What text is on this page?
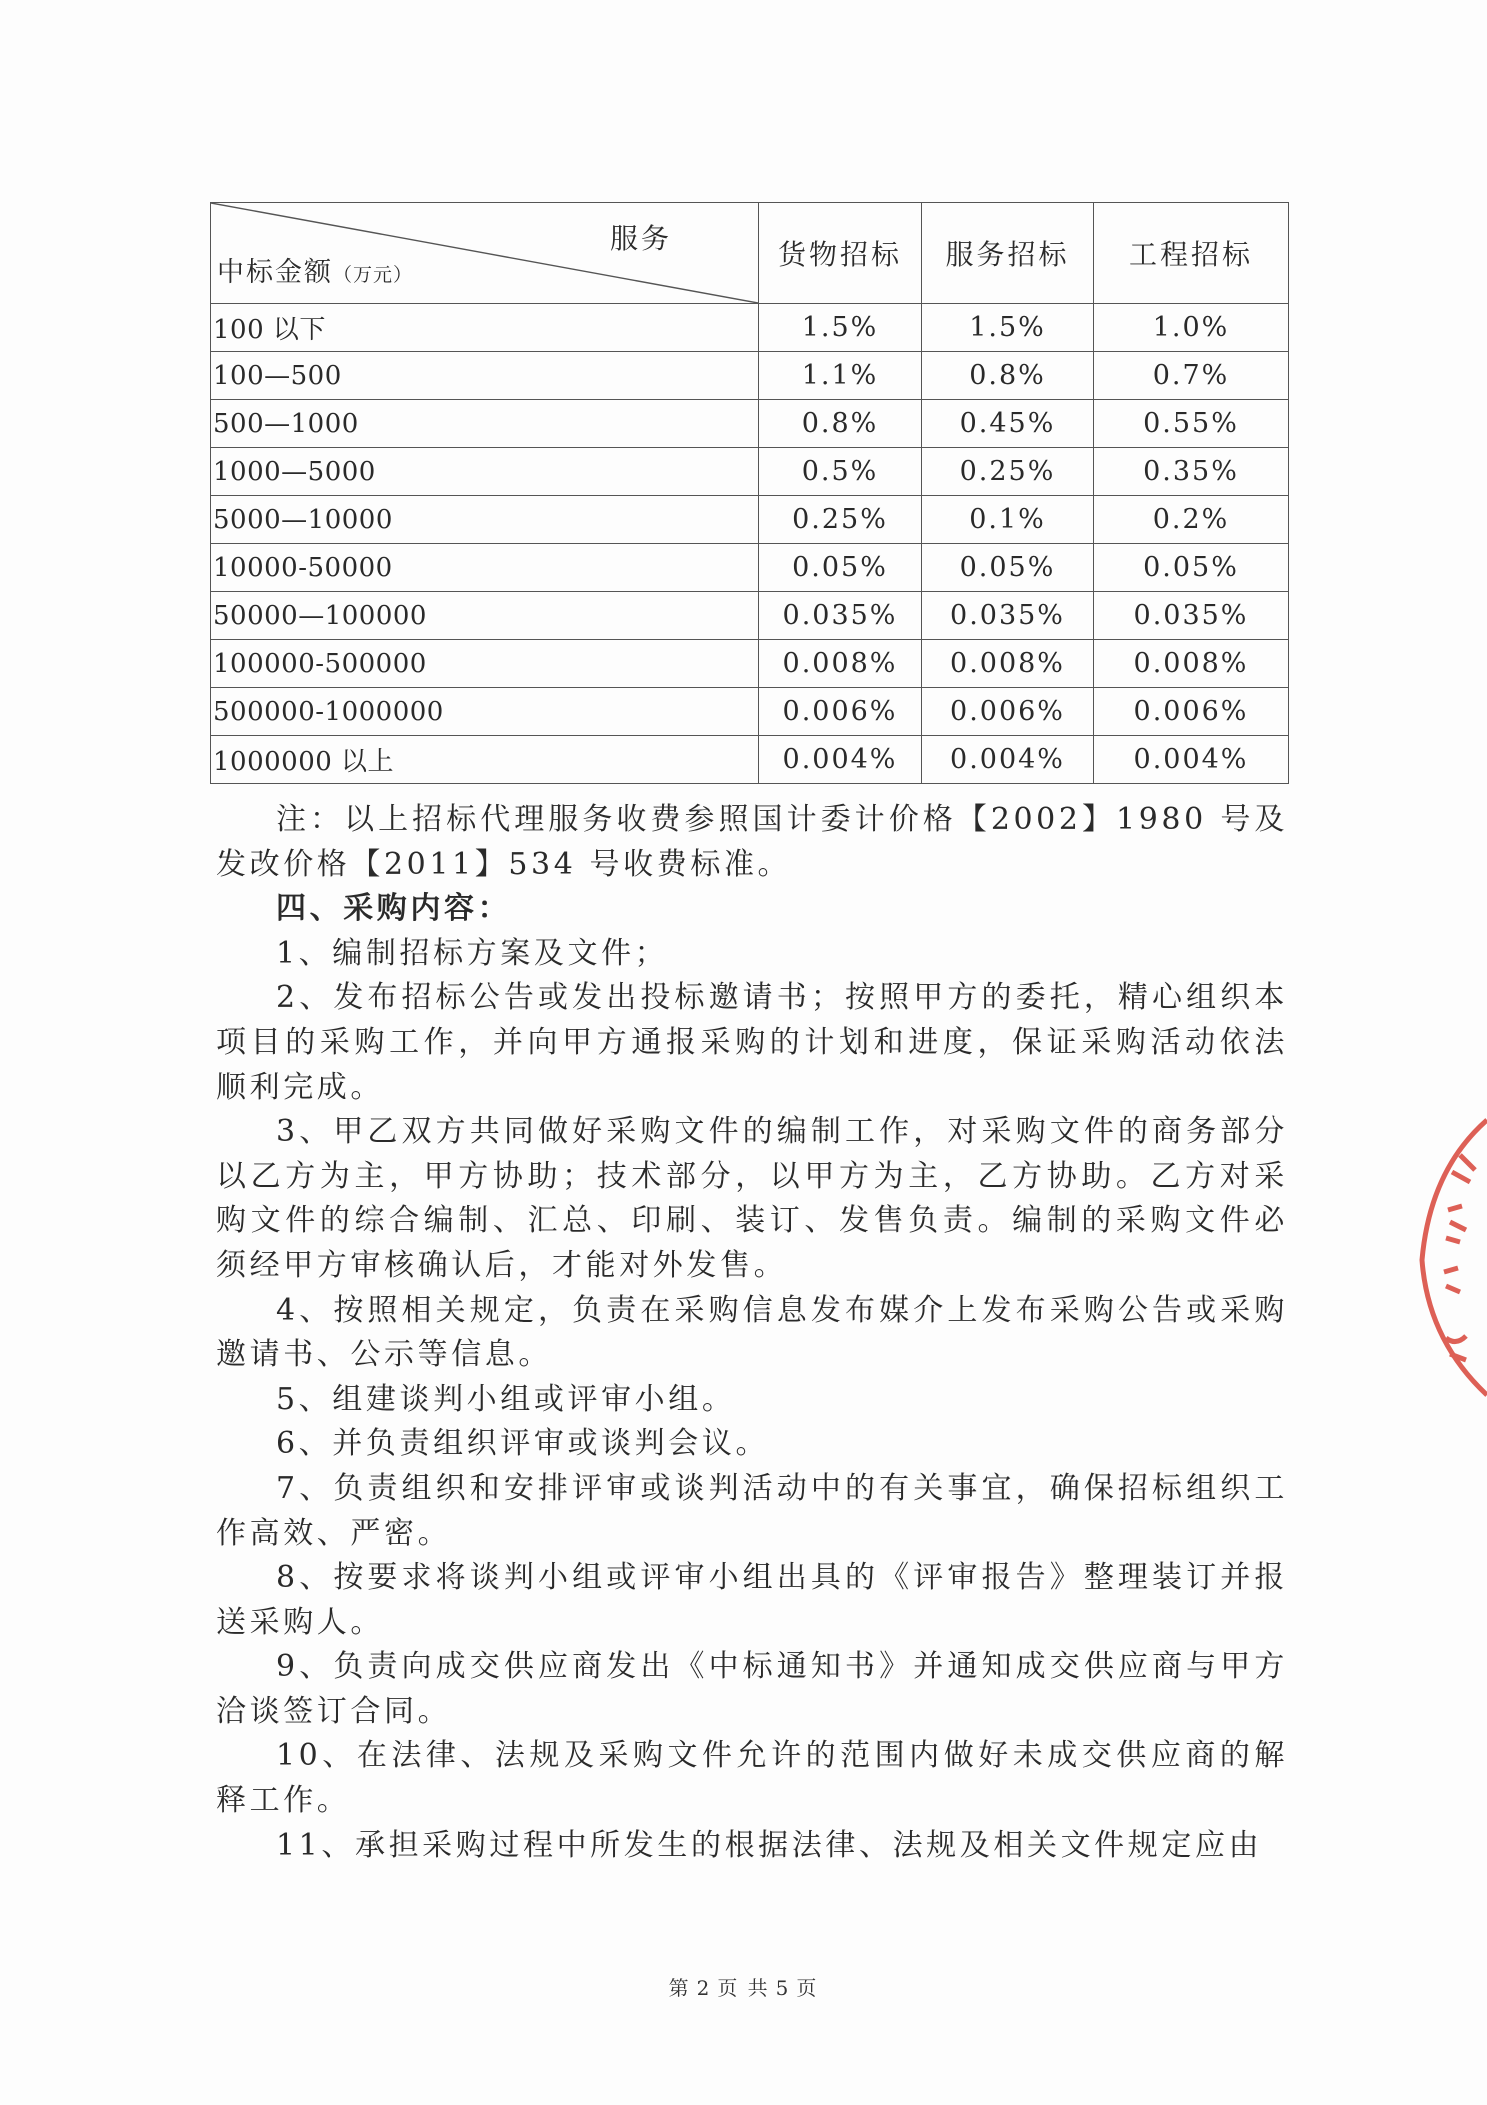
服务
中标金额（万元）	货物招标	服务招标	工程招标
100 以下	1.5%	1.5%	1.0%
100—500	1.1%	0.8%	0.7%
500—1000	0.8%	0.45%	0.55%
1000—5000	0.5%	0.25%	0.35%
5000—10000	0.25%	0.1%	0.2%
10000-50000	0.05%	0.05%	0.05%
50000—100000	0.035%	0.035%	0.035%
100000-500000	0.008%	0.008%	0.008%
500000-1000000	0.006%	0.006%	0.006%
1000000 以上	0.004%	0.004%	0.004%

注：以上招标代理服务收费参照国计委计价格【2002】1980 号及发改价格【2011】534 号收费标准。

四、采购内容：

1、编制招标方案及文件；

2、发布招标公告或发出投标邀请书；按照甲方的委托，精心组织本项目的采购工作，并向甲方通报采购的计划和进度，保证采购活动依法顺利完成。

3、甲乙双方共同做好采购文件的编制工作，对采购文件的商务部分以乙方为主，甲方协助；技术部分，以甲方为主，乙方协助。乙方对采购文件的综合编制、汇总、印刷、装订、发售负责。编制的采购文件必须经甲方审核确认后，才能对外发售。

4、按照相关规定，负责在采购信息发布媒介上发布采购公告或采购邀请书、公示等信息。

5、组建谈判小组或评审小组。

6、并负责组织评审或谈判会议。

7、负责组织和安排评审或谈判活动中的有关事宜，确保招标组织工作高效、严密。

8、按要求将谈判小组或评审小组出具的《评审报告》整理装订并报送采购人。

9、负责向成交供应商发出《中标通知书》并通知成交供应商与甲方洽谈签订合同。

10、在法律、法规及采购文件允许的范围内做好未成交供应商的解释工作。

11、承担采购过程中所发生的根据法律、法规及相关文件规定应由

第 2 页 共 5 页
